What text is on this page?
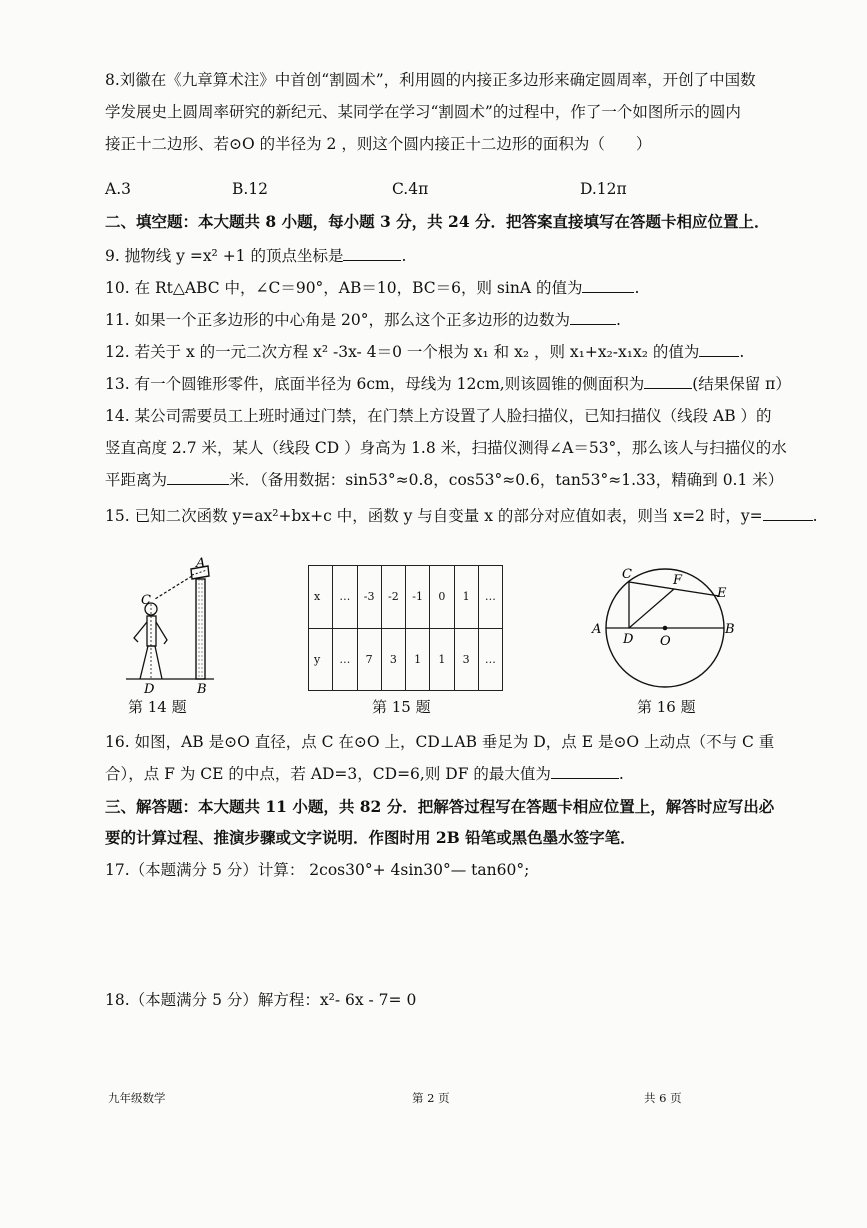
8.刘徽在《九章算术注》中首创“割圆术”，利用圆的内接正多边形来确定圆周率，开创了中国数
学发展史上圆周率研究的新纪元、某同学在学习“割圆术”的过程中，作了一个如图所示的圆内
接正十二边形、若⊙O 的半径为 2 ，则这个圆内接正十二边形的面积为（　　）
A.3	B.12	C.4π	D.12π
二、填空题：本大题共 8 小题，每小题 3 分，共 24 分．把答案直接填写在答题卡相应位置上．
9. 抛物线 y =x² +1 的顶点坐标是	.
10. 在 Rt△ABC 中，∠C＝90°，AB＝10，BC＝6，则 sinA 的值为	.
11. 如果一个正多边形的中心角是 20°，那么这个正多边形的边数为	.
12. 若关于 x 的一元二次方程 x² -3x- 4＝0 一个根为 x₁ 和 x₂ ，则 x₁+x₂-x₁x₂ 的值为	.
13. 有一个圆锥形零件，底面半径为 6cm，母线为 12cm,则该圆锥的侧面积为	(结果保留 π）
14. 某公司需要员工上班时通过门禁，在门禁上方设置了人脸扫描仪，已知扫描仪（线段 AB ）的
竖直高度 2.7 米，某人（线段 CD ）身高为 1.8 米，扫描仪测得∠A＝53°，那么该人与扫描仪的水
平距离为	米．（备用数据：sin53°≈0.8，cos53°≈0.6，tan53°≈1.33，精确到 0.1 米）
15. 已知二次函数 y=ax²+bx+c 中，函数 y 与自变量 x 的部分对应值如表，则当 x=2 时，y=	.
A
C
D	B
x	…	-3	-2	-1	0	1	…
y	…	7	3	1	1	3	…
C	F
E
A
D O
B
第 14 题	第 15 题	第 16 题
16. 如图，AB 是⊙O 直径，点 C 在⊙O 上，CD⊥AB 垂足为 D，点 E 是⊙O 上动点（不与 C 重
合），点 F 为 CE 的中点，若 AD=3，CD=6,则 DF 的最大值为	.
三、解答题：本大题共 11 小题，共 82 分．把解答过程写在答题卡相应位置上，解答时应写出必
要的计算过程、推演步骤或文字说明．作图时用 2B 铅笔或黑色墨水签字笔．
17.（本题满分 5 分）计算： 2cos30°+ 4sin30°— tan60°;
18.（本题满分 5 分）解方程：x²- 6x - 7= 0
九年级数学	第 2 页	共 6 页
